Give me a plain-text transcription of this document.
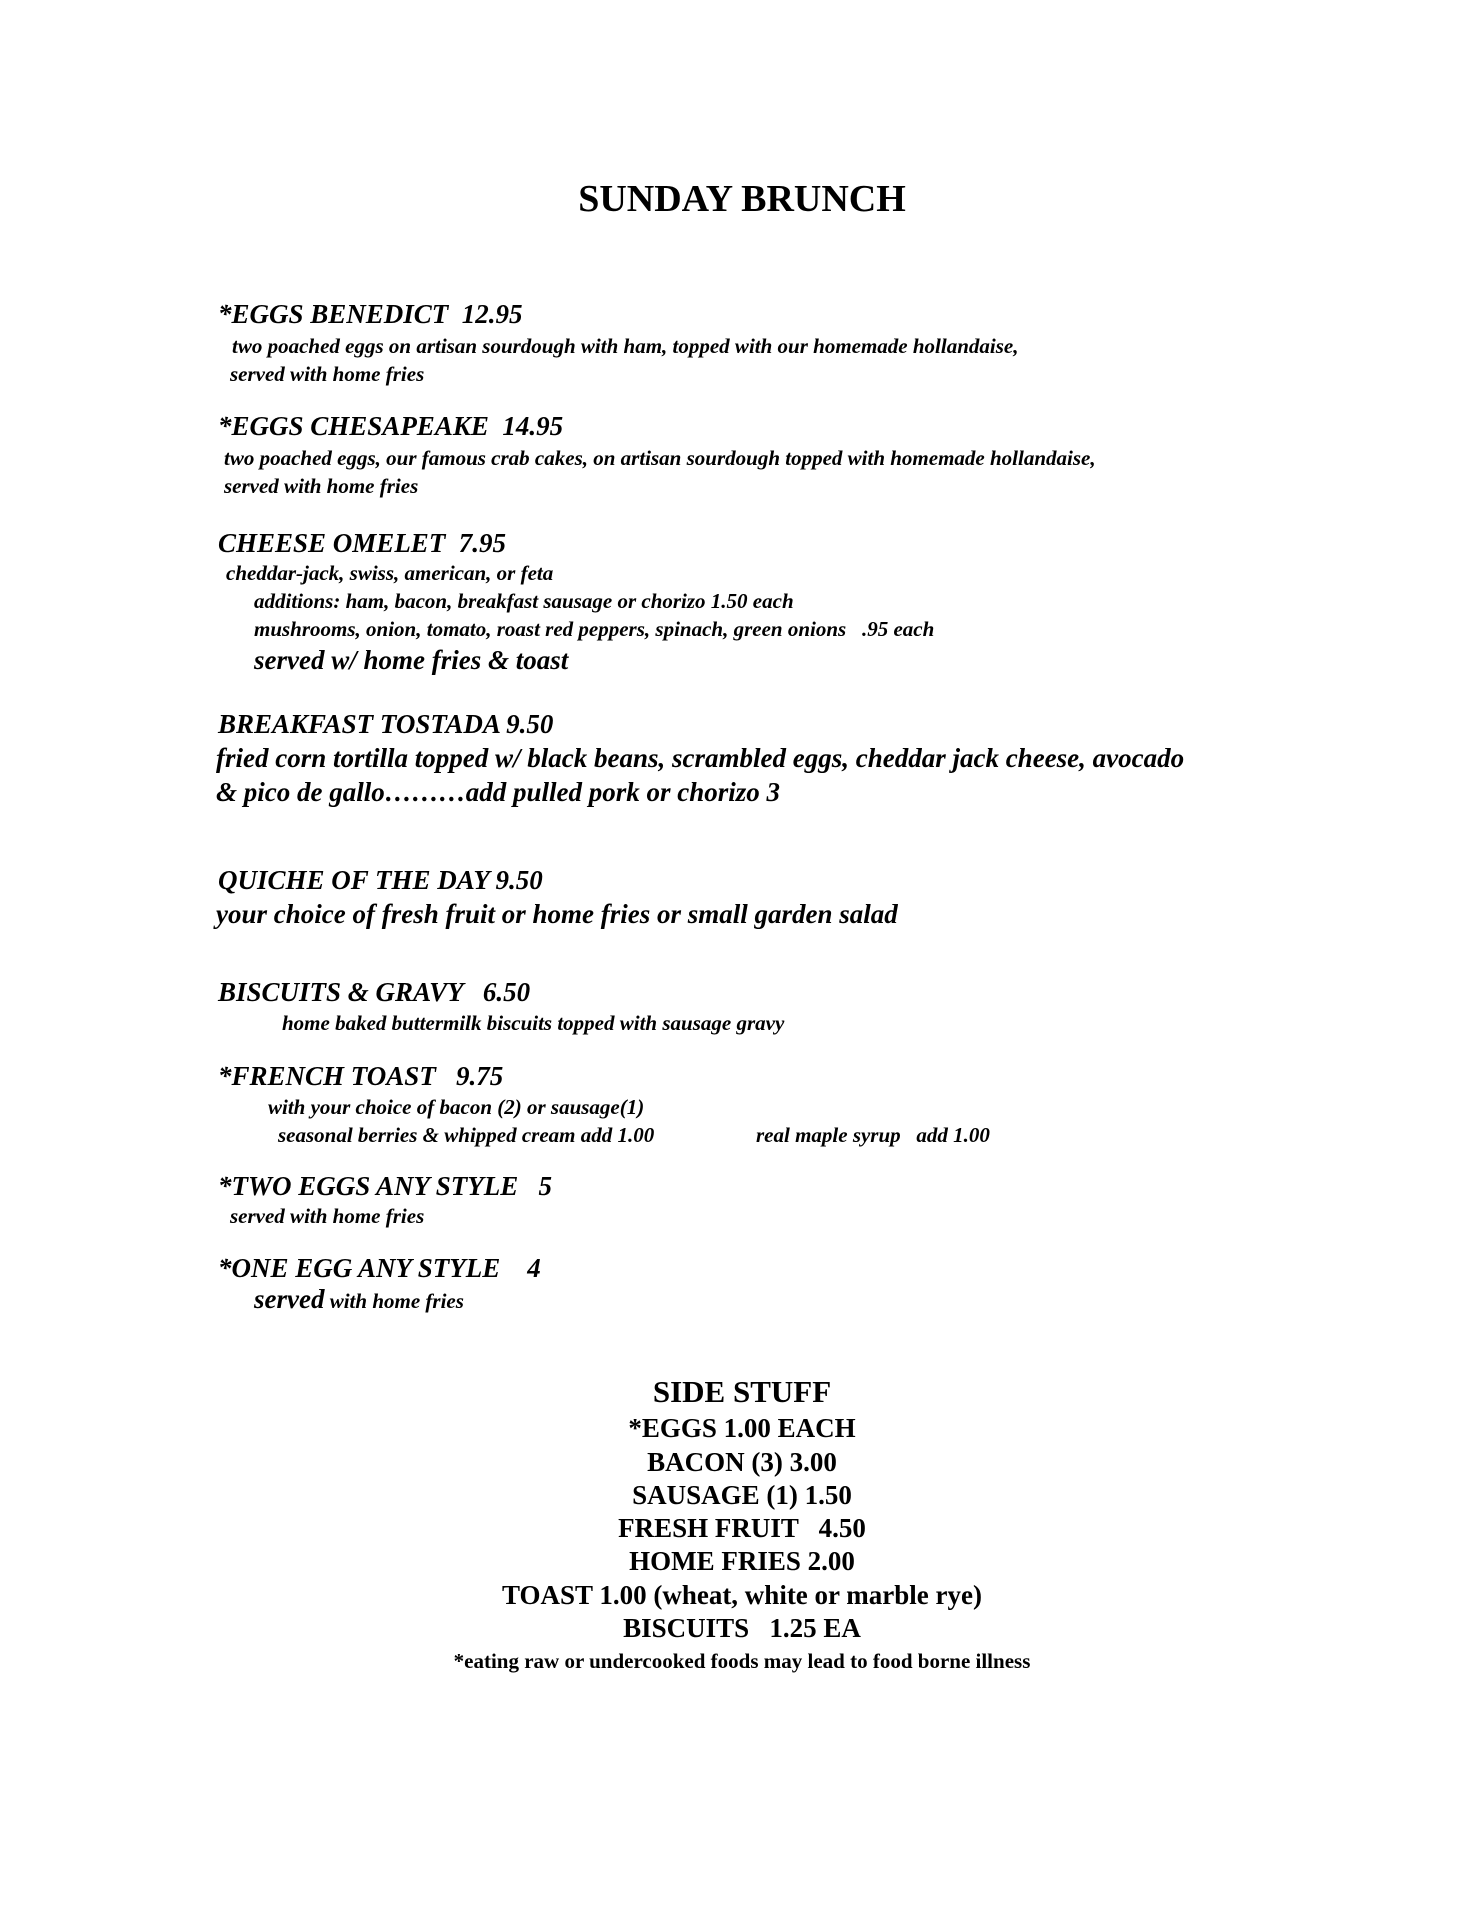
SUNDAY BRUNCH
*EGGS BENEDICT  12.95
two poached eggs on artisan sourdough with ham, topped with our homemade hollandaise,
served with home fries
*EGGS CHESAPEAKE  14.95
two poached eggs, our famous crab cakes, on artisan sourdough topped with homemade hollandaise,
served with home fries
CHEESE OMELET  7.95
cheddar-jack, swiss, american, or feta
additions: ham, bacon, breakfast sausage or chorizo 1.50 each
mushrooms, onion, tomato, roast red peppers, spinach, green onions   .95 each
served w/ home fries & toast
BREAKFAST TOSTADA 9.50
fried corn tortilla topped w/ black beans, scrambled eggs, cheddar jack cheese, avocado
& pico de gallo………add pulled pork or chorizo 3
QUICHE OF THE DAY 9.50
your choice of fresh fruit or home fries or small garden salad
BISCUITS & GRAVY   6.50
home baked buttermilk biscuits topped with sausage gravy
*FRENCH TOAST   9.75
with your choice of bacon (2) or sausage(1)
seasonal berries & whipped cream add 1.00	real maple syrup   add 1.00
*TWO EGGS ANY STYLE   5
served with home fries
*ONE EGG ANY STYLE    4
served with home fries
SIDE STUFF
*EGGS 1.00 EACH
BACON (3) 3.00
SAUSAGE (1) 1.50
FRESH FRUIT   4.50
HOME FRIES 2.00
TOAST 1.00 (wheat, white or marble rye)
BISCUITS   1.25 EA
*eating raw or undercooked foods may lead to food borne illness
